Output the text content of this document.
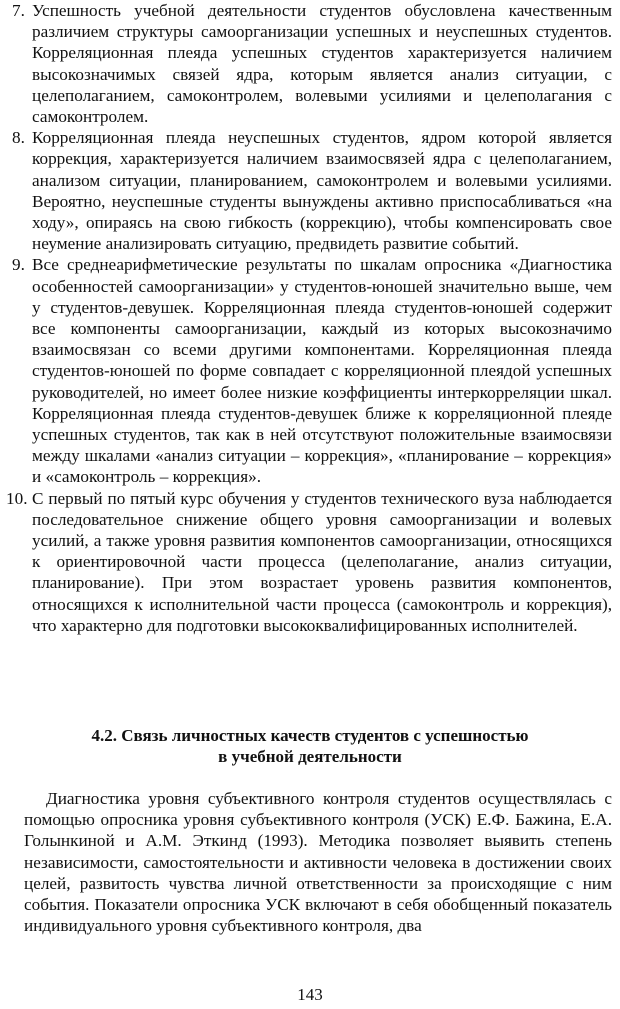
7. Успешность учебной деятельности студентов обусловлена качественным различием структуры самоорганизации успешных и неуспешных студентов. Корреляционная плеяда успешных студентов характеризуется наличием высокозначимых связей ядра, которым является анализ ситуации, с целеполаганием, самоконтролем, волевыми усилиями и целеполагания с самоконтролем.
8. Корреляционная плеяда неуспешных студентов, ядром которой является коррекция, характеризуется наличием взаимосвязей ядра с целеполаганием, анализом ситуации, планированием, самоконтролем и волевыми усилиями. Вероятно, неуспешные студенты вынуждены активно приспосабливаться «на ходу», опираясь на свою гибкость (коррекцию), чтобы компенсировать свое неумение анализировать ситуацию, предвидеть развитие событий.
9. Все среднеарифметические результаты по шкалам опросника «Диагностика особенностей самоорганизации» у студентов-юношей значительно выше, чем у студентов-девушек. Корреляционная плеяда студентов-юношей содержит все компоненты самоорганизации, каждый из которых высокозначимо взаимосвязан со всеми другими компонентами. Корреляционная плеяда студентов-юношей по форме совпадает с корреляционной плеядой успешных руководителей, но имеет более низкие коэффициенты интеркорреляции шкал. Корреляционная плеяда студентов-девушек ближе к корреляционной плеяде успешных студентов, так как в ней отсутствуют положительные взаимосвязи между шкалами «анализ ситуации – коррекция», «планирование – коррекция» и «самоконтроль – коррекция».
10. С первый по пятый курс обучения у студентов технического вуза наблюдается последовательное снижение общего уровня самоорганизации и волевых усилий, а также уровня развития компонентов самоорганизации, относящихся к ориентировочной части процесса (целеполагание, анализ ситуации, планирование). При этом возрастает уровень развития компонентов, относящихся к исполнительной части процесса (самоконтроль и коррекция), что характерно для подготовки высококвалифицированных исполнителей.
4.2. Связь личностных качеств студентов с успешностью
в учебной деятельности
Диагностика уровня субъективного контроля студентов осуществлялась с помощью опросника уровня субъективного контроля (УСК) Е.Ф. Бажина, Е.А. Голынкиной и А.М. Эткинд (1993). Методика позволяет выявить степень независимости, самостоятельности и активности человека в достижении своих целей, развитость чувства личной ответственности за происходящие с ним события. Показатели опросника УСК включают в себя обобщенный показатель индивидуального уровня субъективного контроля, два
143
